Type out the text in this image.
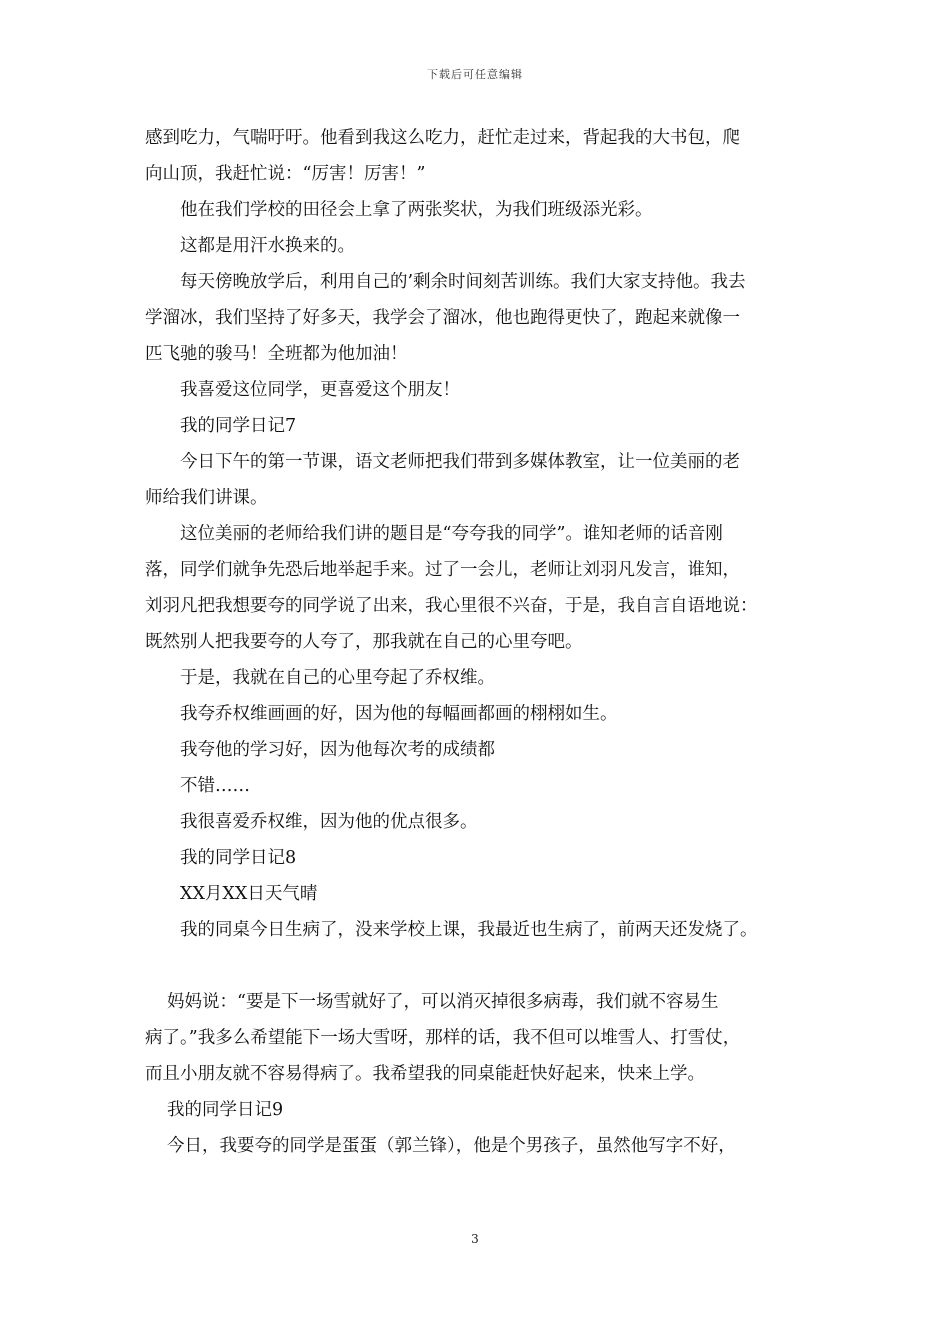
下载后可任意编辑
感到吃力，气喘吁吁。他看到我这么吃力，赶忙走过来，背起我的大书包，爬
向山顶，我赶忙说：“厉害！厉害！”
他在我们学校的田径会上拿了两张奖状，为我们班级添光彩。
这都是用汗水换来的。
每天傍晚放学后，利用自己的’剩余时间刻苦训练。我们大家支持他。我去
学溜冰，我们坚持了好多天，我学会了溜冰，他也跑得更快了，跑起来就像一
匹飞驰的骏马！全班都为他加油！
我喜爱这位同学，更喜爱这个朋友！
我的同学日记7
今日下午的第一节课，语文老师把我们带到多媒体教室，让一位美丽的老
师给我们讲课。
这位美丽的老师给我们讲的题目是“夸夸我的同学”。谁知老师的话音刚
落，同学们就争先恐后地举起手来。过了一会儿，老师让刘羽凡发言，谁知，
刘羽凡把我想要夸的同学说了出来，我心里很不兴奋，于是，我自言自语地说：
既然别人把我要夸的人夸了，那我就在自己的心里夸吧。
于是，我就在自己的心里夸起了乔权维。
我夸乔权维画画的好，因为他的每幅画都画的栩栩如生。
我夸他的学习好，因为他每次考的成绩都
不错……
我很喜爱乔权维，因为他的优点很多。
我的同学日记8
XX月XX日天气晴
我的同桌今日生病了，没来学校上课，我最近也生病了，前两天还发烧了。
妈妈说：“要是下一场雪就好了，可以消灭掉很多病毒，我们就不容易生
病了。”我多么希望能下一场大雪呀，那样的话，我不但可以堆雪人、打雪仗，
而且小朋友就不容易得病了。我希望我的同桌能赶快好起来，快来上学。
我的同学日记9
今日，我要夸的同学是蛋蛋（郭兰锋），他是个男孩子，虽然他写字不好，
3
